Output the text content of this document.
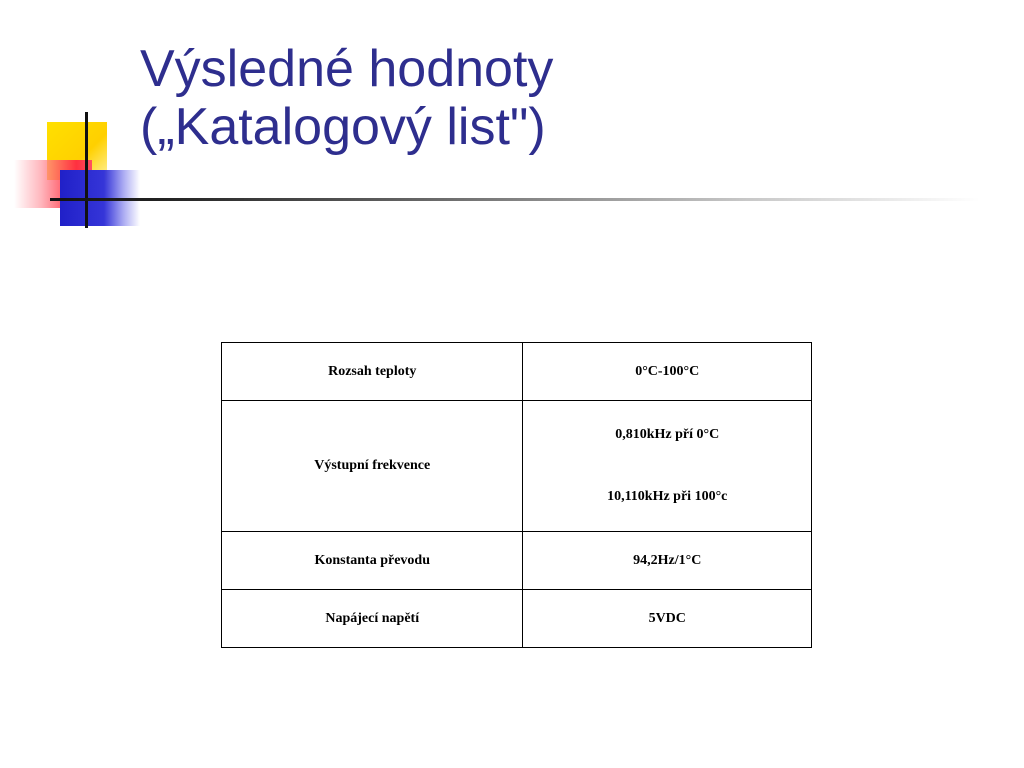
Výsledné hodnoty
(„Katalogový list")
Rozsah teploty	0°C-100°C
Výstupní frekvence	0,810kHz pří 0°C
10,110kHz při 100°c

Konstanta převodu	94,2Hz/1°C
Napájecí napětí	5VDC
